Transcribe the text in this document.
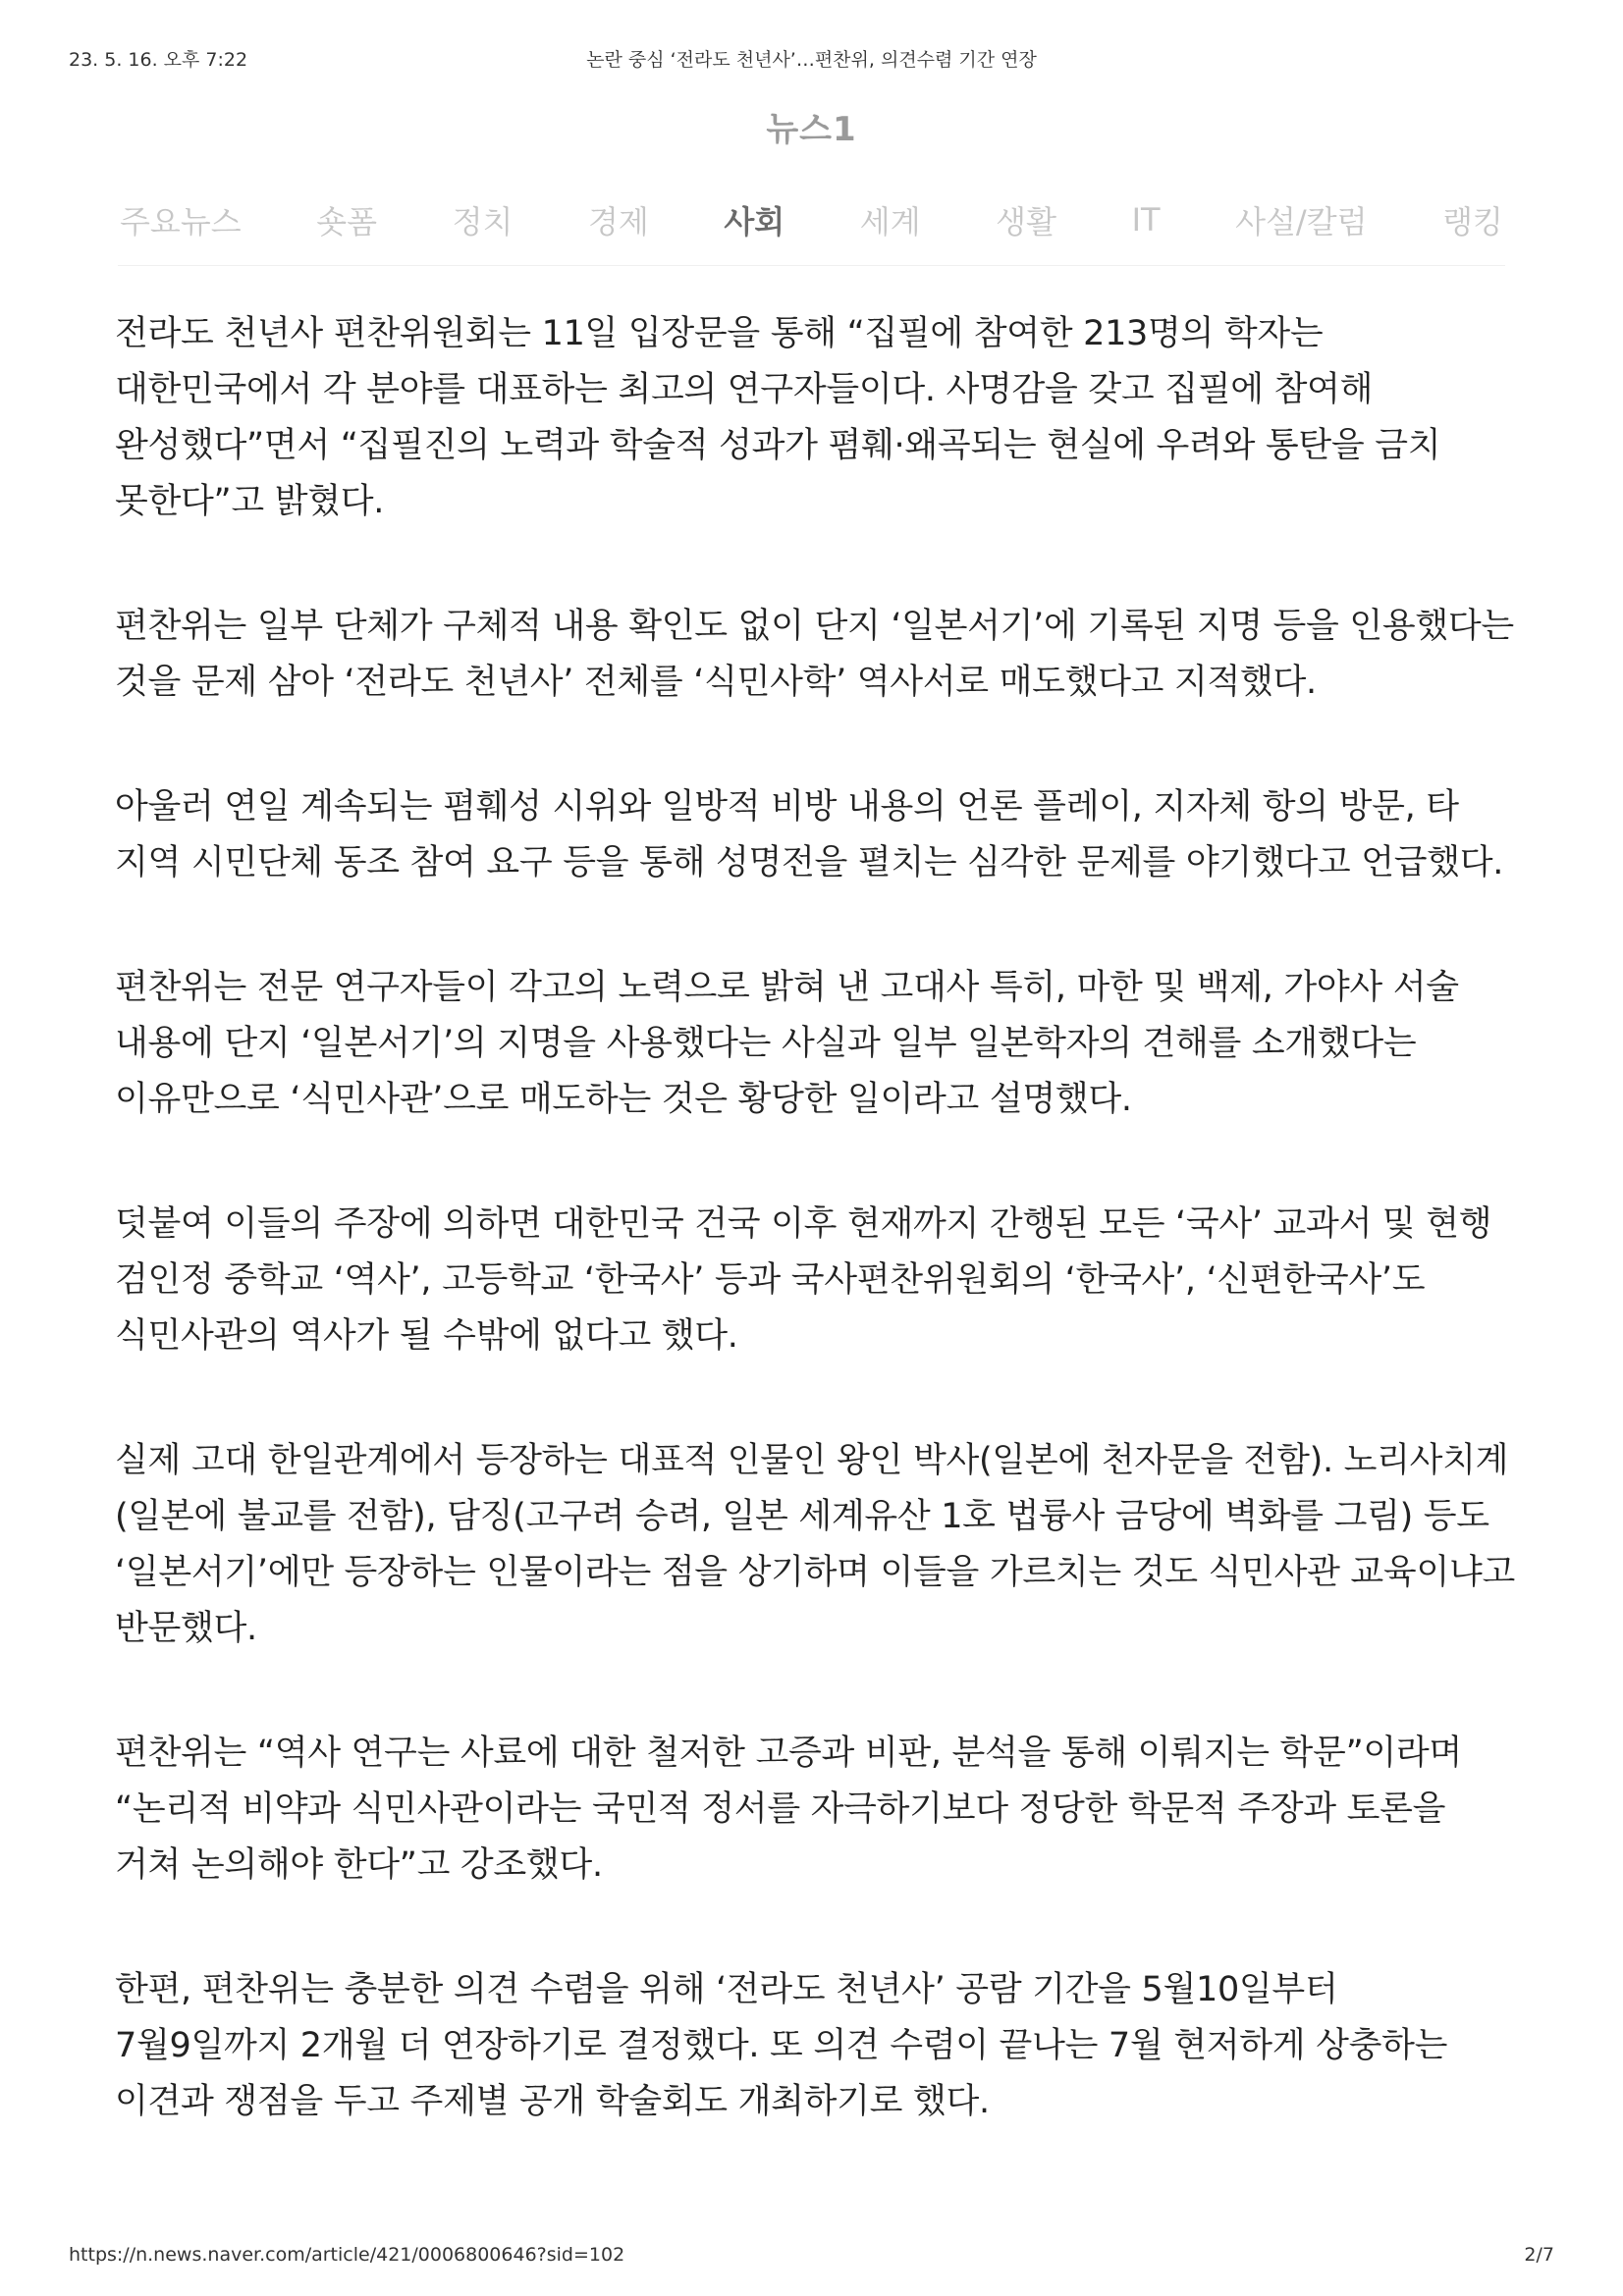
23. 5. 16. 오후 7:22	논란 중심 ‘전라도 천년사’…편찬위, 의견수렴 기간 연장
뉴스1
주요뉴스 숏폼 정치 경제 사회 세계 생활 IT 사설/칼럼 랭킹

전라도 천년사 편찬위원회는 11일 입장문을 통해 “집필에 참여한 213명의 학자는 대한민국에서 각 분야를 대표하는 최고의 연구자들이다. 사명감을 갖고 집필에 참여해 완성했다”면서 “집필진의 노력과 학술적 성과가 폄훼·왜곡되는 현실에 우려와 통탄을 금치 못한다”고 밝혔다.

편찬위는 일부 단체가 구체적 내용 확인도 없이 단지 ‘일본서기’에 기록된 지명 등을 인용했다는 것을 문제 삼아 ‘전라도 천년사’ 전체를 ‘식민사학’ 역사서로 매도했다고 지적했다.

아울러 연일 계속되는 폄훼성 시위와 일방적 비방 내용의 언론 플레이, 지자체 항의 방문, 타 지역 시민단체 동조 참여 요구 등을 통해 성명전을 펼치는 심각한 문제를 야기했다고 언급했다.

편찬위는 전문 연구자들이 각고의 노력으로 밝혀 낸 고대사 특히, 마한 및 백제, 가야사 서술 내용에 단지 ‘일본서기’의 지명을 사용했다는 사실과 일부 일본학자의 견해를 소개했다는 이유만으로 ‘식민사관’으로 매도하는 것은 황당한 일이라고 설명했다.

덧붙여 이들의 주장에 의하면 대한민국 건국 이후 현재까지 간행된 모든 ‘국사’ 교과서 및 현행 검인정 중학교 ‘역사’, 고등학교 ‘한국사’ 등과 국사편찬위원회의 ‘한국사’, ‘신편한국사’도 식민사관의 역사가 될 수밖에 없다고 했다.

실제 고대 한일관계에서 등장하는 대표적 인물인 왕인 박사(일본에 천자문을 전함). 노리사치계(일본에 불교를 전함), 담징(고구려 승려, 일본 세계유산 1호 법륭사 금당에 벽화를 그림) 등도 ‘일본서기’에만 등장하는 인물이라는 점을 상기하며 이들을 가르치는 것도 식민사관 교육이냐고 반문했다.

편찬위는 “역사 연구는 사료에 대한 철저한 고증과 비판, 분석을 통해 이뤄지는 학문”이라며 “논리적 비약과 식민사관이라는 국민적 정서를 자극하기보다 정당한 학문적 주장과 토론을 거쳐 논의해야 한다”고 강조했다.

한편, 편찬위는 충분한 의견 수렴을 위해 ‘전라도 천년사’ 공람 기간을 5월10일부터 7월9일까지 2개월 더 연장하기로 결정했다. 또 의견 수렴이 끝나는 7월 현저하게 상충하는 이견과 쟁점을 두고 주제별 공개 학술회도 개최하기로 했다.

https://n.news.naver.com/article/421/0006800646?sid=102	2/7
